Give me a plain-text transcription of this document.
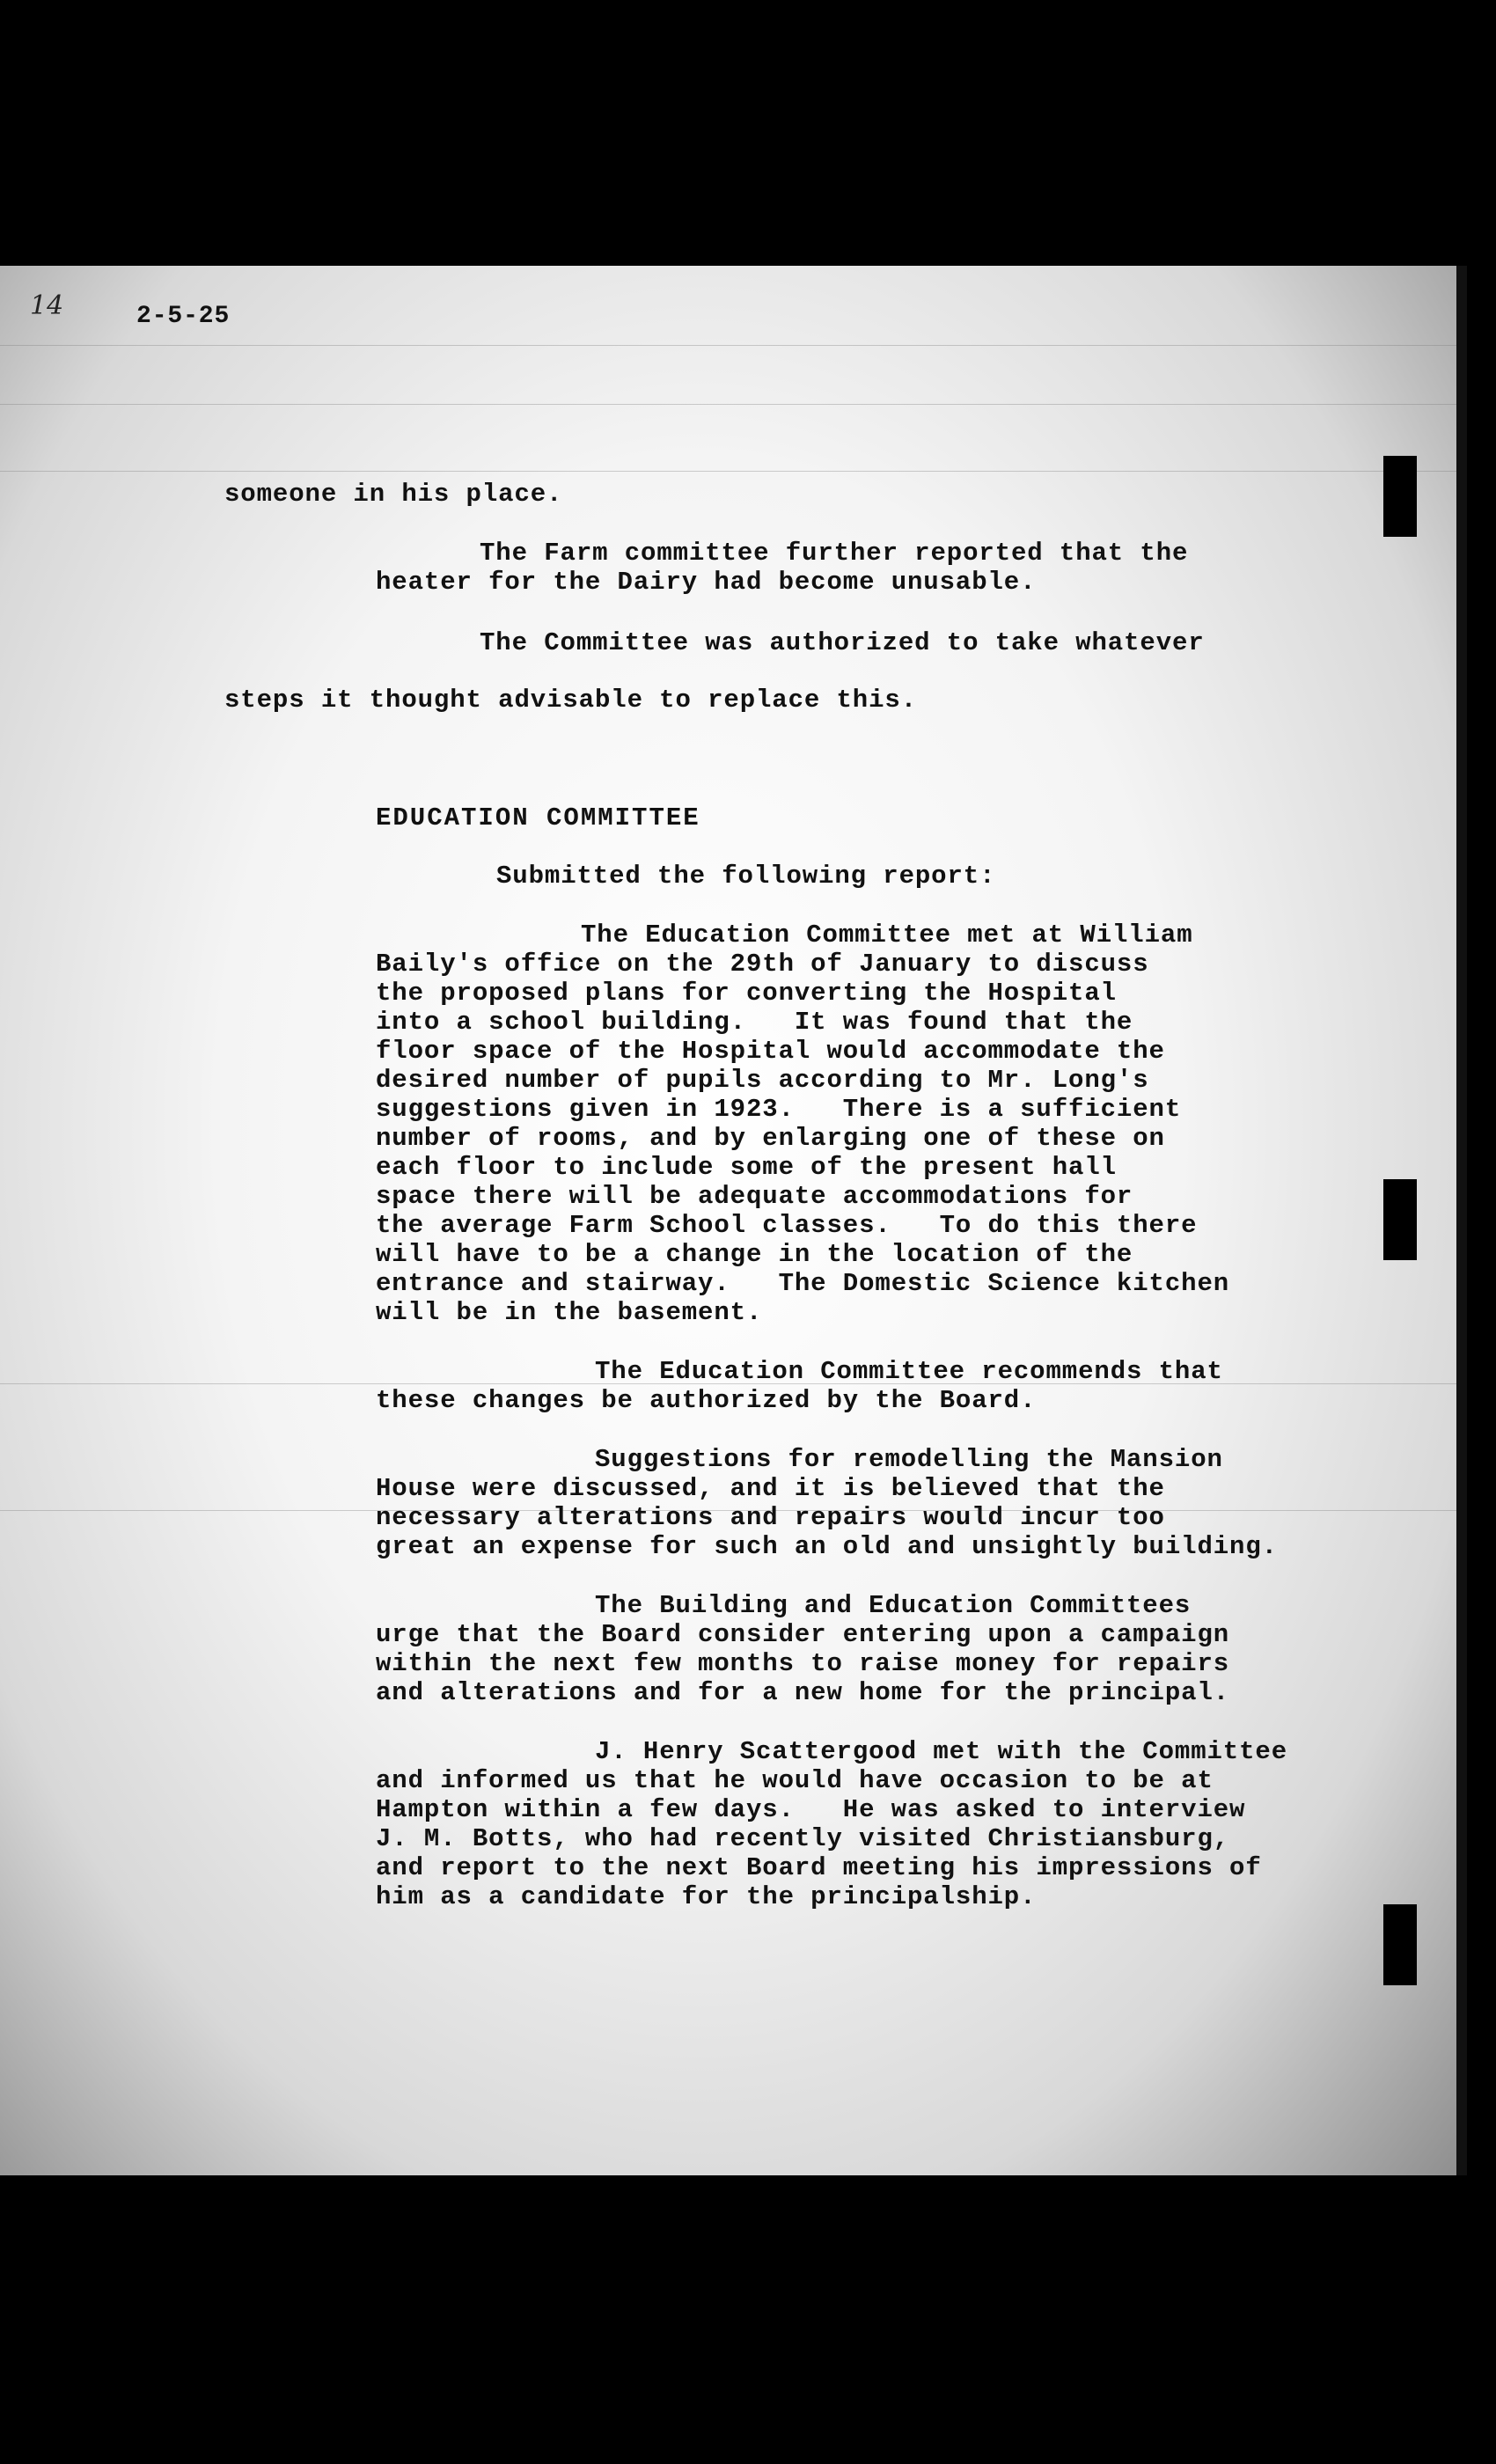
14	2-5-25
someone in his place.
The Farm committee further reported that the
heater for the Dairy had become unusable.
The Committee was authorized to take whatever
steps it thought advisable to replace this.
EDUCATION COMMITTEE
Submitted the following report:
The Education Committee met at William
Baily's office on the 29th of January to discuss
the proposed plans for converting the Hospital
into a school building.   It was found that the
floor space of the Hospital would accommodate the
desired number of pupils according to Mr. Long's
suggestions given in 1923.   There is a sufficient
number of rooms, and by enlarging one of these on
each floor to include some of the present hall
space there will be adequate accommodations for
the average Farm School classes.   To do this there
will have to be a change in the location of the
entrance and stairway.   The Domestic Science kitchen
will be in the basement.
The Education Committee recommends that
these changes be authorized by the Board.
Suggestions for remodelling the Mansion
House were discussed, and it is believed that the
necessary alterations and repairs would incur too
great an expense for such an old and unsightly building.
The Building and Education Committees
urge that the Board consider entering upon a campaign
within the next few months to raise money for repairs
and alterations and for a new home for the principal.
J. Henry Scattergood met with the Committee
and informed us that he would have occasion to be at
Hampton within a few days.   He was asked to interview
J. M. Botts, who had recently visited Christiansburg,
and report to the next Board meeting his impressions of
him as a candidate for the principalship.
